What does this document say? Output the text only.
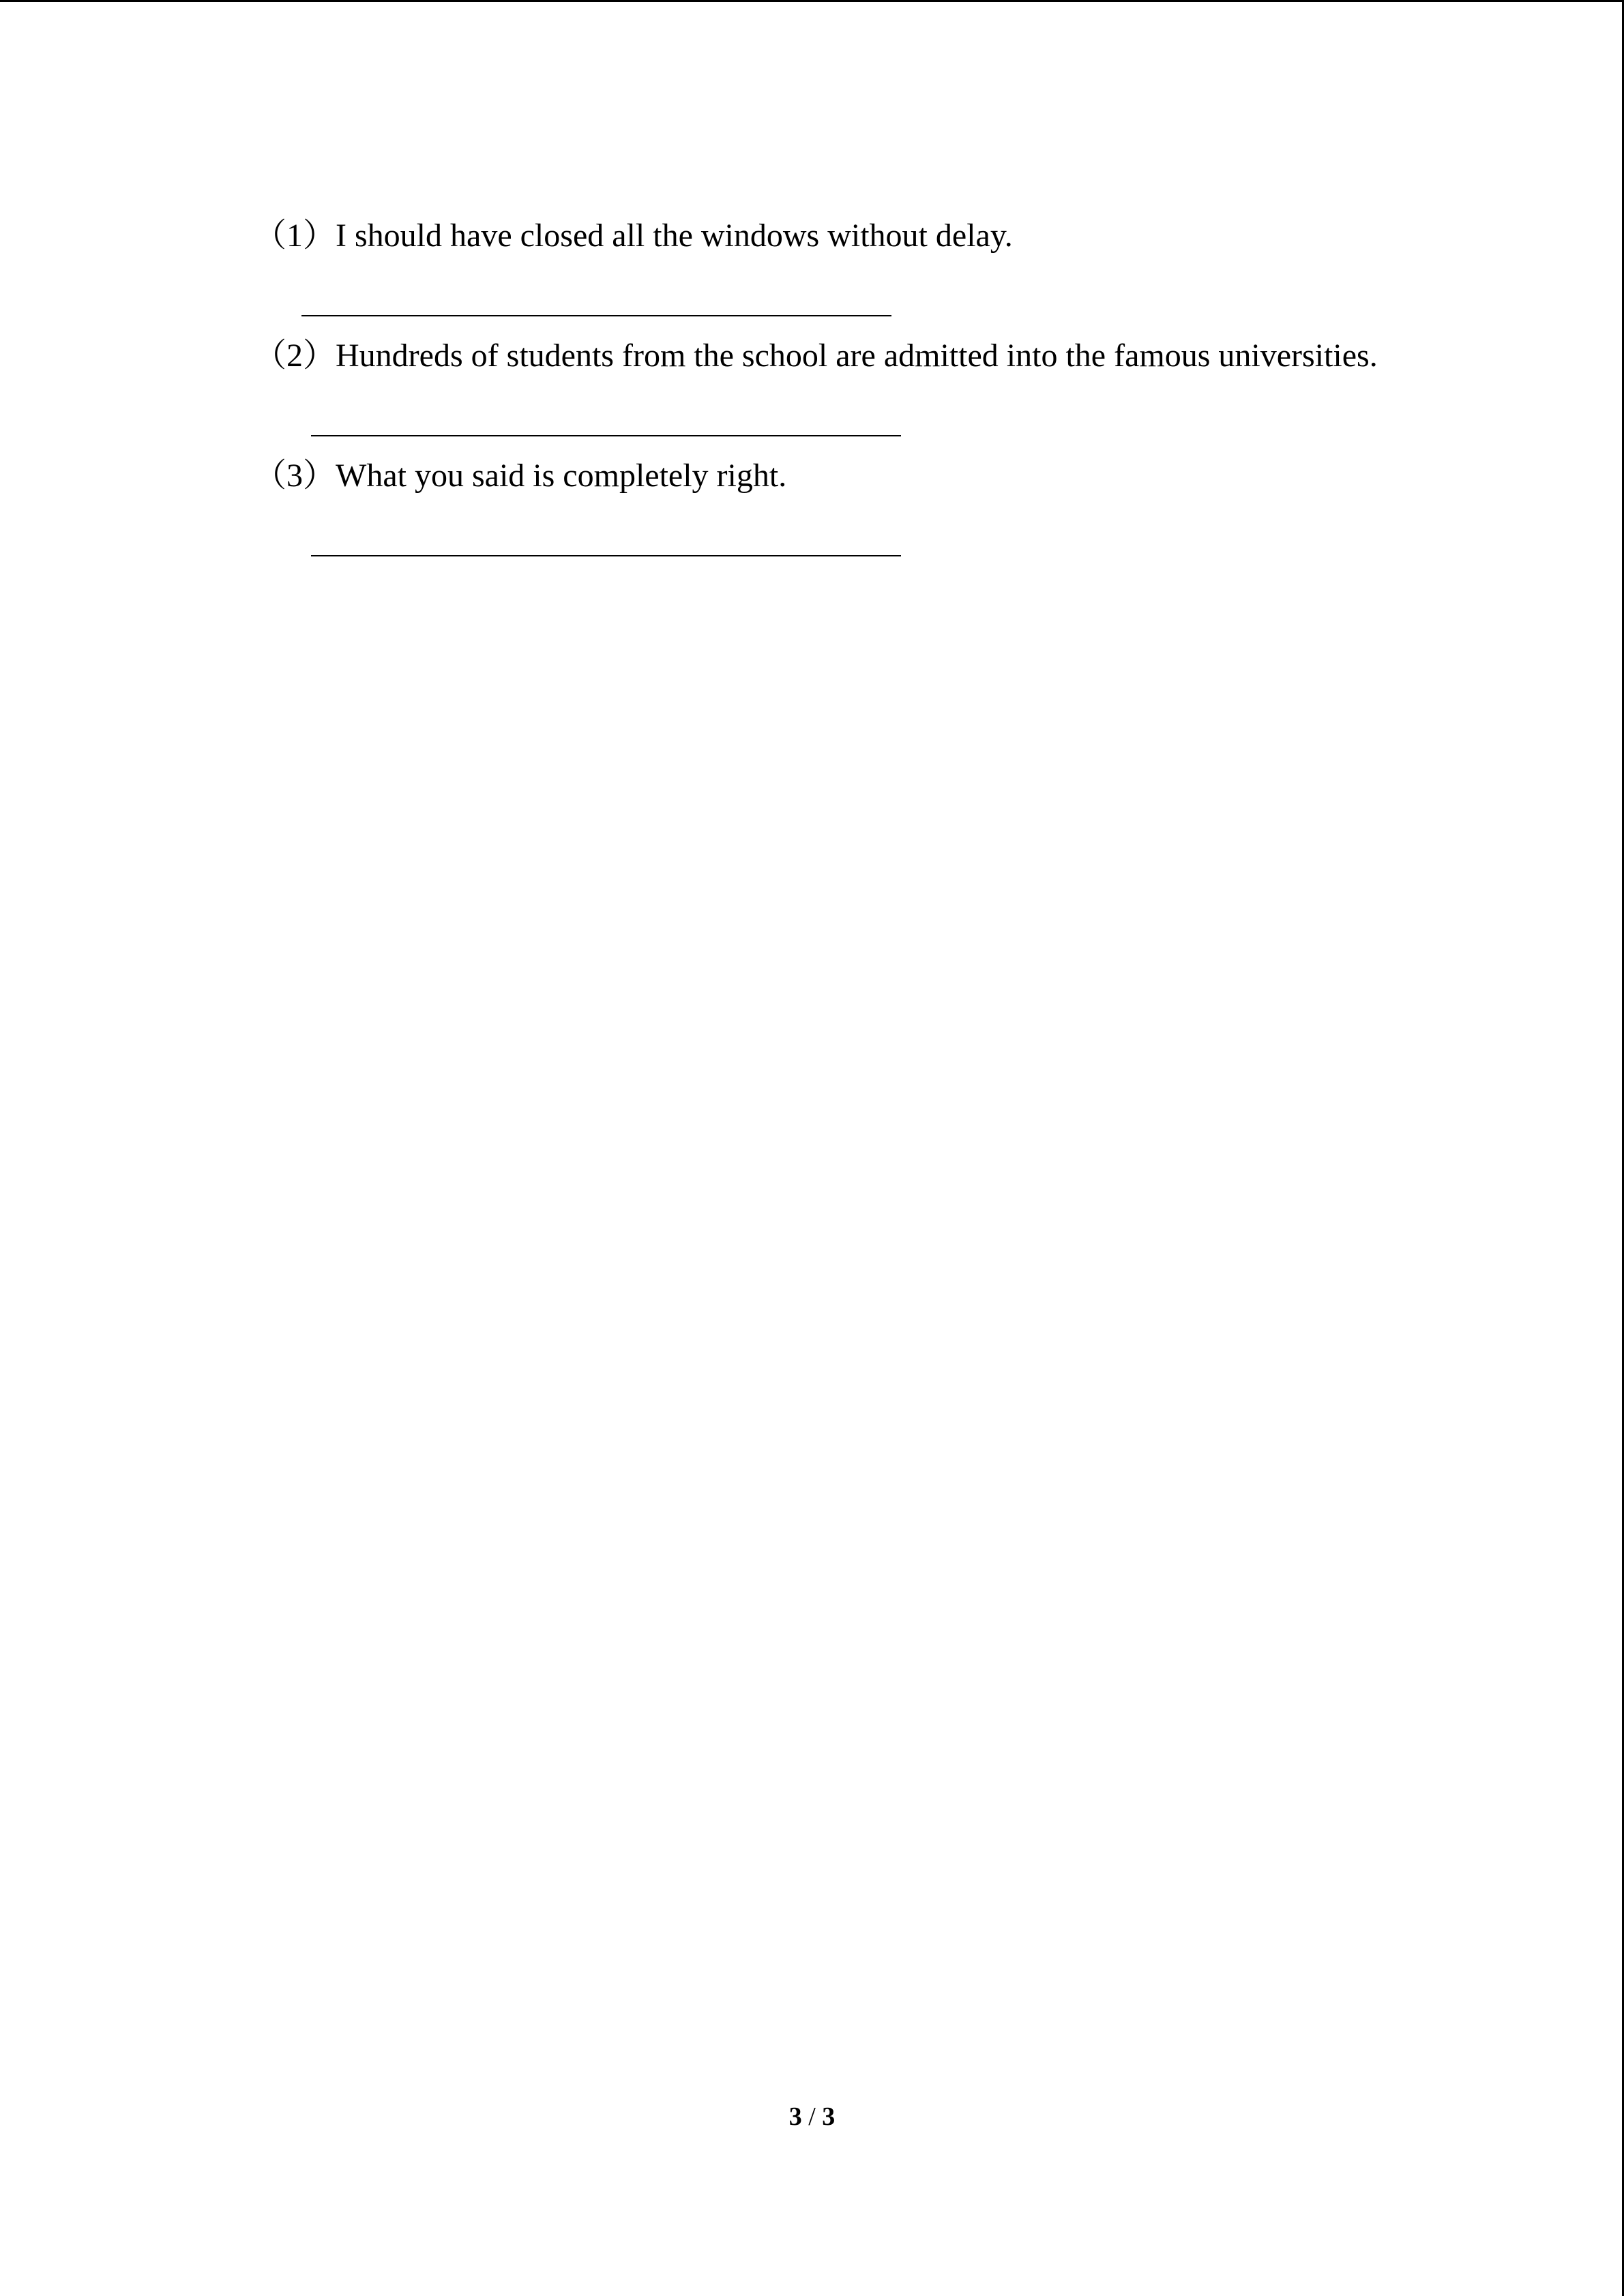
（1）I should have closed all the windows without delay.
（2）Hundreds of students from the school are admitted into the famous universities.
（3）What you said is completely right.
3 / 3
